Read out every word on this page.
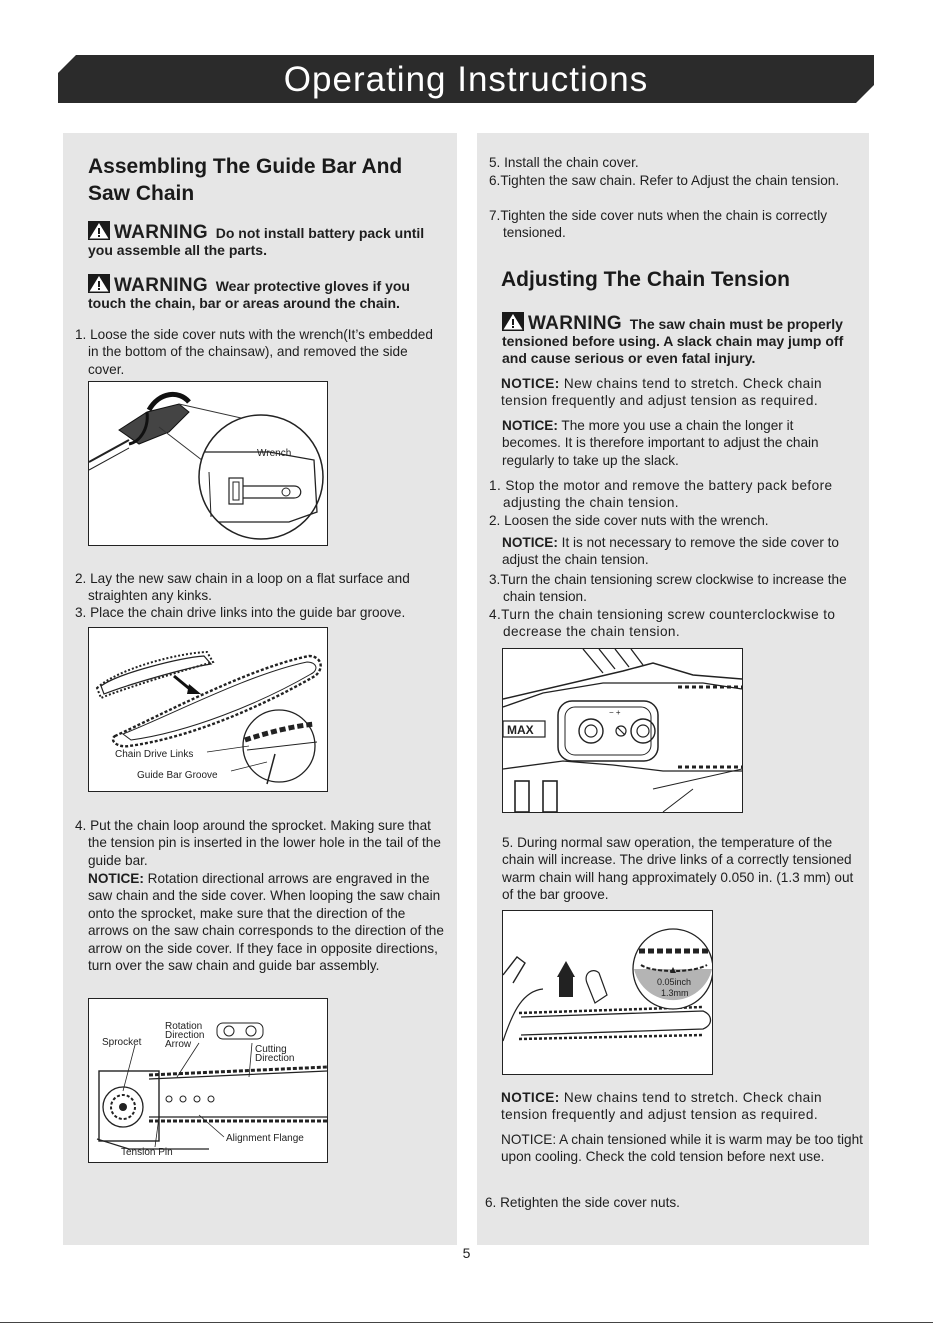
Operating Instructions
Assembling The Guide Bar And
Saw Chain
WARNING Do not install battery pack until
you assemble all the parts.
WARNING Wear protective gloves if you
touch the chain, bar or areas around the chain.
1. Loose the side cover nuts with the wrench(It’s embedded in the bottom of the chainsaw), and removed the side cover.
Wrench
2. Lay the new saw chain in a loop on a flat surface and straighten any kinks.
3. Place the chain drive links into the guide bar groove.
Chain Drive Links
Guide Bar Groove
4. Put the chain loop around the sprocket. Making sure that the tension pin is inserted in the lower hole in the tail of the guide bar.
NOTICE: Rotation directional arrows are engraved in the saw chain and the side cover. When looping the saw chain onto the sprocket, make sure that the direction of the arrows on the saw chain corresponds to the direction of the arrow on the side cover. If they face in opposite directions, turn over the saw chain and guide bar assembly.
Sprocket
Rotation
Direction
Arrow	Cutting
Direction
Alignment Flange
Tension Pin
5. Install the chain cover.
6.Tighten the saw chain. Refer to Adjust the chain tension.
7.Tighten the side cover nuts when the chain is correctly tensioned.
Adjusting The Chain Tension
WARNING The saw chain must be properly
tensioned before using. A slack chain may jump off and cause serious or even fatal injury.
NOTICE: New chains tend to stretch. Check chain tension frequently and adjust tension as required.
NOTICE: The more you use a chain the longer it becomes. It is therefore important to adjust the chain regularly to take up the slack.
1. Stop the motor and remove the battery pack before adjusting the chain tension.
2. Loosen the side cover nuts with the wrench.
NOTICE: It is not necessary to remove the side cover to adjust the chain tension.
3.Turn the chain tensioning screw clockwise to increase the chain tension.
4.Turn the chain tensioning screw counterclockwise to decrease the chain tension.
− +
MAX
5. During normal saw operation, the temperature of the chain will increase. The drive links of a correctly tensioned warm chain will hang approximately 0.050 in. (1.3 mm) out of the bar groove.
0.05inch
1.3mm
NOTICE: New chains tend to stretch. Check chain tension frequently and adjust tension as required.
NOTICE: A chain tensioned while it is warm may be too tight upon cooling. Check the cold tension before next use.
6. Retighten the side cover nuts.
5
